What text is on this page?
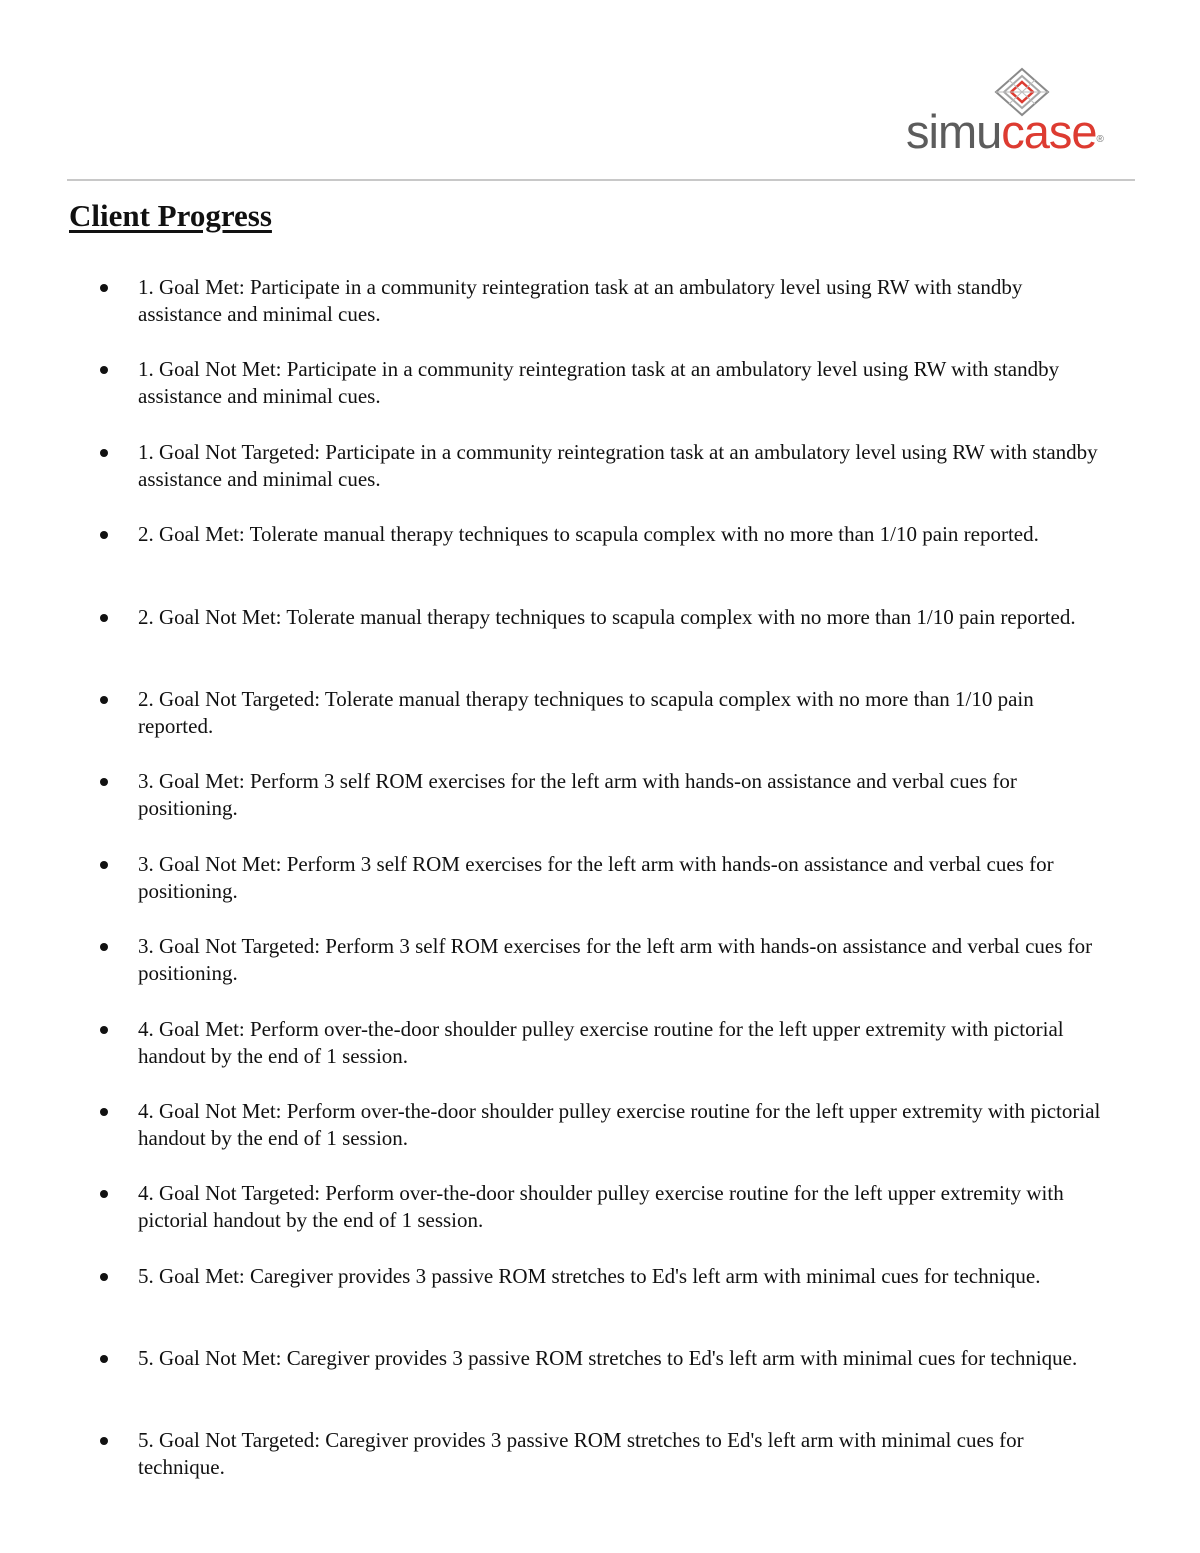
simucase®
Client Progress
1. Goal Met: Participate in a community reintegration task at an ambulatory level using RW with standby assistance and minimal cues.
1. Goal Not Met: Participate in a community reintegration task at an ambulatory level using RW with standby assistance and minimal cues.
1. Goal Not Targeted: Participate in a community reintegration task at an ambulatory level using RW with standby assistance and minimal cues.
2. Goal Met: Tolerate manual therapy techniques to scapula complex with no more than 1/10 pain reported.
2. Goal Not Met: Tolerate manual therapy techniques to scapula complex with no more than 1/10 pain reported.
2. Goal Not Targeted: Tolerate manual therapy techniques to scapula complex with no more than 1/10 pain reported.
3. Goal Met: Perform 3 self ROM exercises for the left arm with hands-on assistance and verbal cues for positioning.
3. Goal Not Met: Perform 3 self ROM exercises for the left arm with hands-on assistance and verbal cues for positioning.
3. Goal Not Targeted: Perform 3 self ROM exercises for the left arm with hands-on assistance and verbal cues for positioning.
4. Goal Met: Perform over-the-door shoulder pulley exercise routine for the left upper extremity with pictorial handout by the end of 1 session.
4. Goal Not Met: Perform over-the-door shoulder pulley exercise routine for the left upper extremity with pictorial handout by the end of 1 session.
4. Goal Not Targeted: Perform over-the-door shoulder pulley exercise routine for the left upper extremity with pictorial handout by the end of 1 session.
5. Goal Met: Caregiver provides 3 passive ROM stretches to Ed's left arm with minimal cues for technique.
5. Goal Not Met: Caregiver provides 3 passive ROM stretches to Ed's left arm with minimal cues for technique.
5. Goal Not Targeted: Caregiver provides 3 passive ROM stretches to Ed's left arm with minimal cues for technique.
